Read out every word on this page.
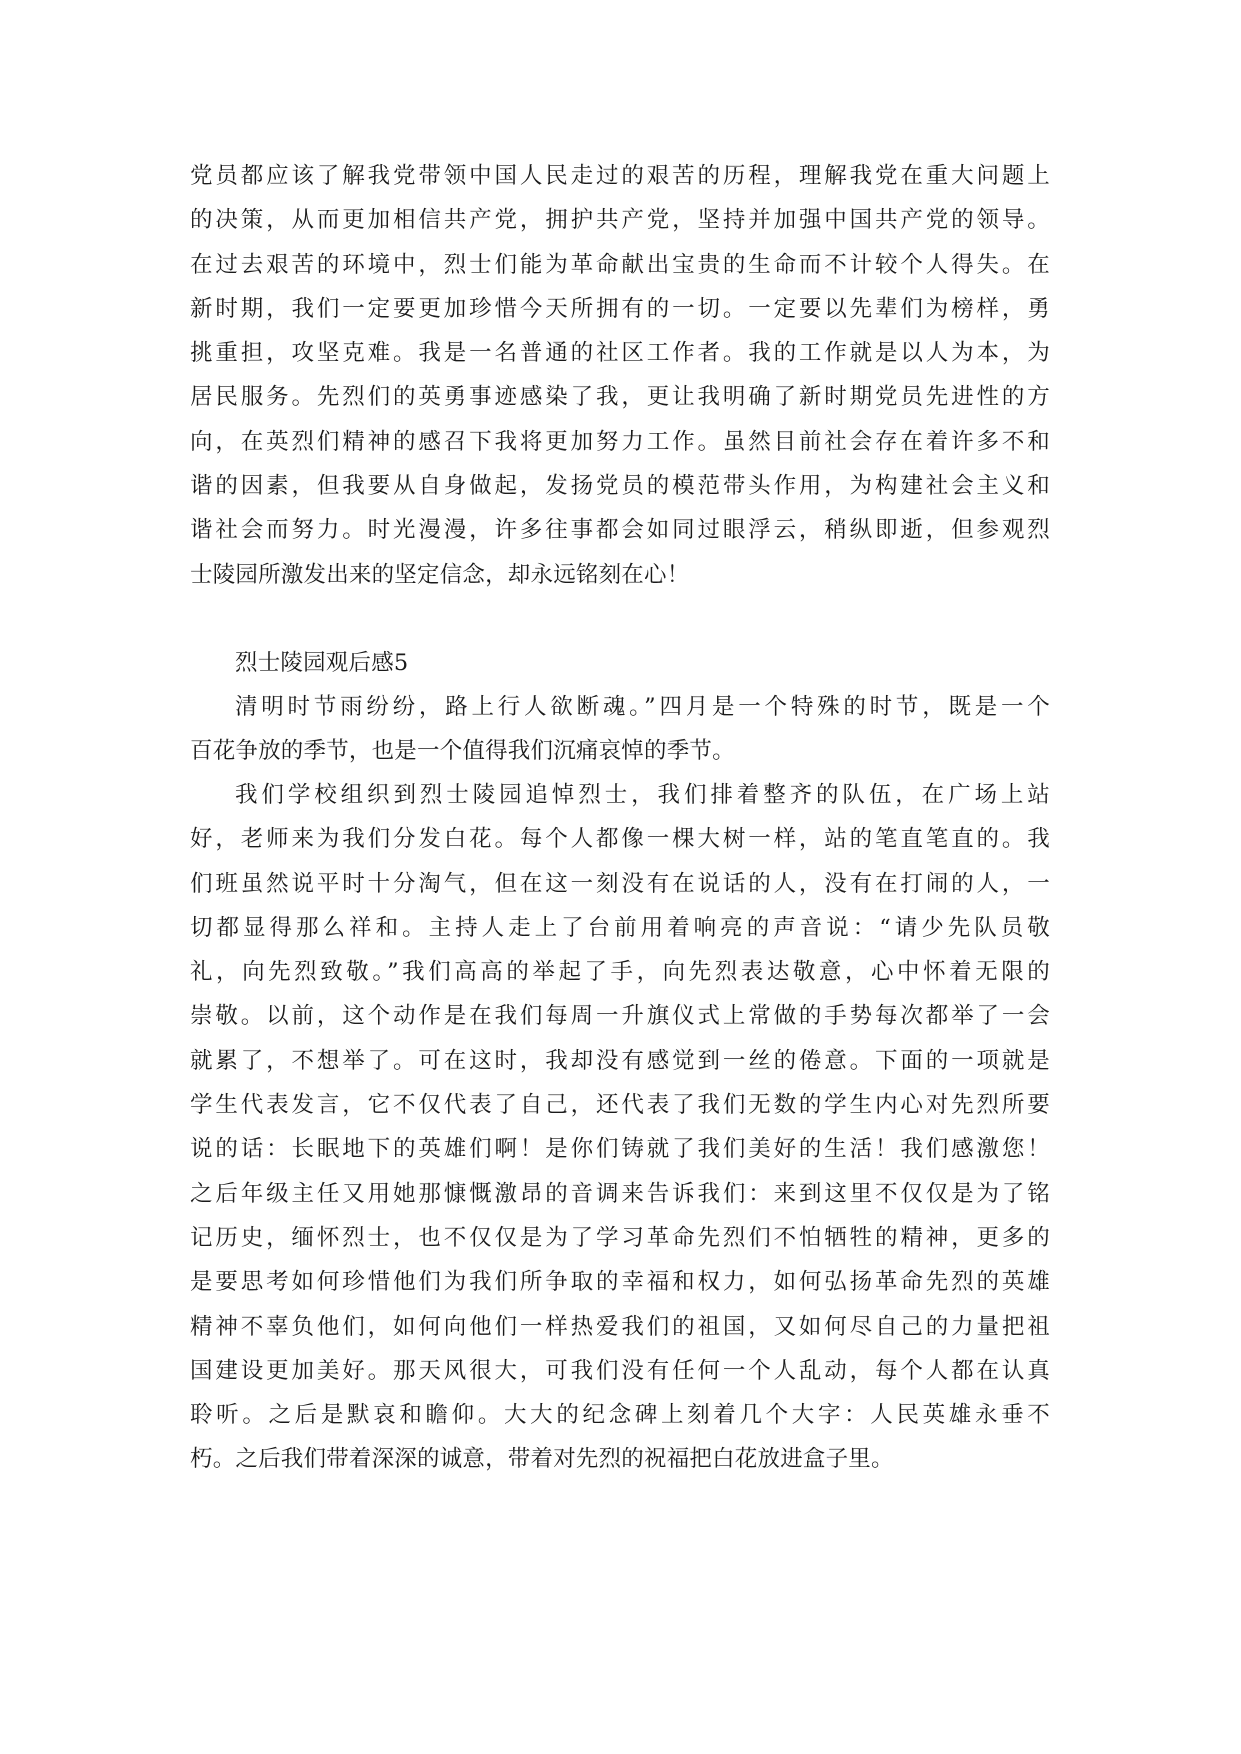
党员都应该了解我党带领中国人民走过的艰苦的历程，理解我党在重大问题上
的决策，从而更加相信共产党，拥护共产党，坚持并加强中国共产党的领导。
在过去艰苦的环境中，烈士们能为革命献出宝贵的生命而不计较个人得失。在
新时期，我们一定要更加珍惜今天所拥有的一切。一定要以先辈们为榜样，勇
挑重担，攻坚克难。我是一名普通的社区工作者。我的工作就是以人为本，为
居民服务。先烈们的英勇事迹感染了我，更让我明确了新时期党员先进性的方
向，在英烈们精神的感召下我将更加努力工作。虽然目前社会存在着许多不和
谐的因素，但我要从自身做起，发扬党员的模范带头作用，为构建社会主义和
谐社会而努力。时光漫漫，许多往事都会如同过眼浮云，稍纵即逝，但参观烈
士陵园所激发出来的坚定信念，却永远铭刻在心！
烈士陵园观后感5
清明时节雨纷纷，路上行人欲断魂。”四月是一个特殊的时节，既是一个
百花争放的季节，也是一个值得我们沉痛哀悼的季节。
我们学校组织到烈士陵园追悼烈士，我们排着整齐的队伍，在广场上站
好，老师来为我们分发白花。每个人都像一棵大树一样，站的笔直笔直的。我
们班虽然说平时十分淘气，但在这一刻没有在说话的人，没有在打闹的人，一
切都显得那么祥和。主持人走上了台前用着响亮的声音说：“请少先队员敬
礼，向先烈致敬。”我们高高的举起了手，向先烈表达敬意，心中怀着无限的
崇敬。以前，这个动作是在我们每周一升旗仪式上常做的手势每次都举了一会
就累了，不想举了。可在这时，我却没有感觉到一丝的倦意。下面的一项就是
学生代表发言，它不仅代表了自己，还代表了我们无数的学生内心对先烈所要
说的话：长眠地下的英雄们啊！是你们铸就了我们美好的生活！我们感激您！
之后年级主任又用她那慷慨激昂的音调来告诉我们：来到这里不仅仅是为了铭
记历史，缅怀烈士，也不仅仅是为了学习革命先烈们不怕牺牲的精神，更多的
是要思考如何珍惜他们为我们所争取的幸福和权力，如何弘扬革命先烈的英雄
精神不辜负他们，如何向他们一样热爱我们的祖国，又如何尽自己的力量把祖
国建设更加美好。那天风很大，可我们没有任何一个人乱动，每个人都在认真
聆听。之后是默哀和瞻仰。大大的纪念碑上刻着几个大字：人民英雄永垂不
朽。之后我们带着深深的诚意，带着对先烈的祝福把白花放进盒子里。
